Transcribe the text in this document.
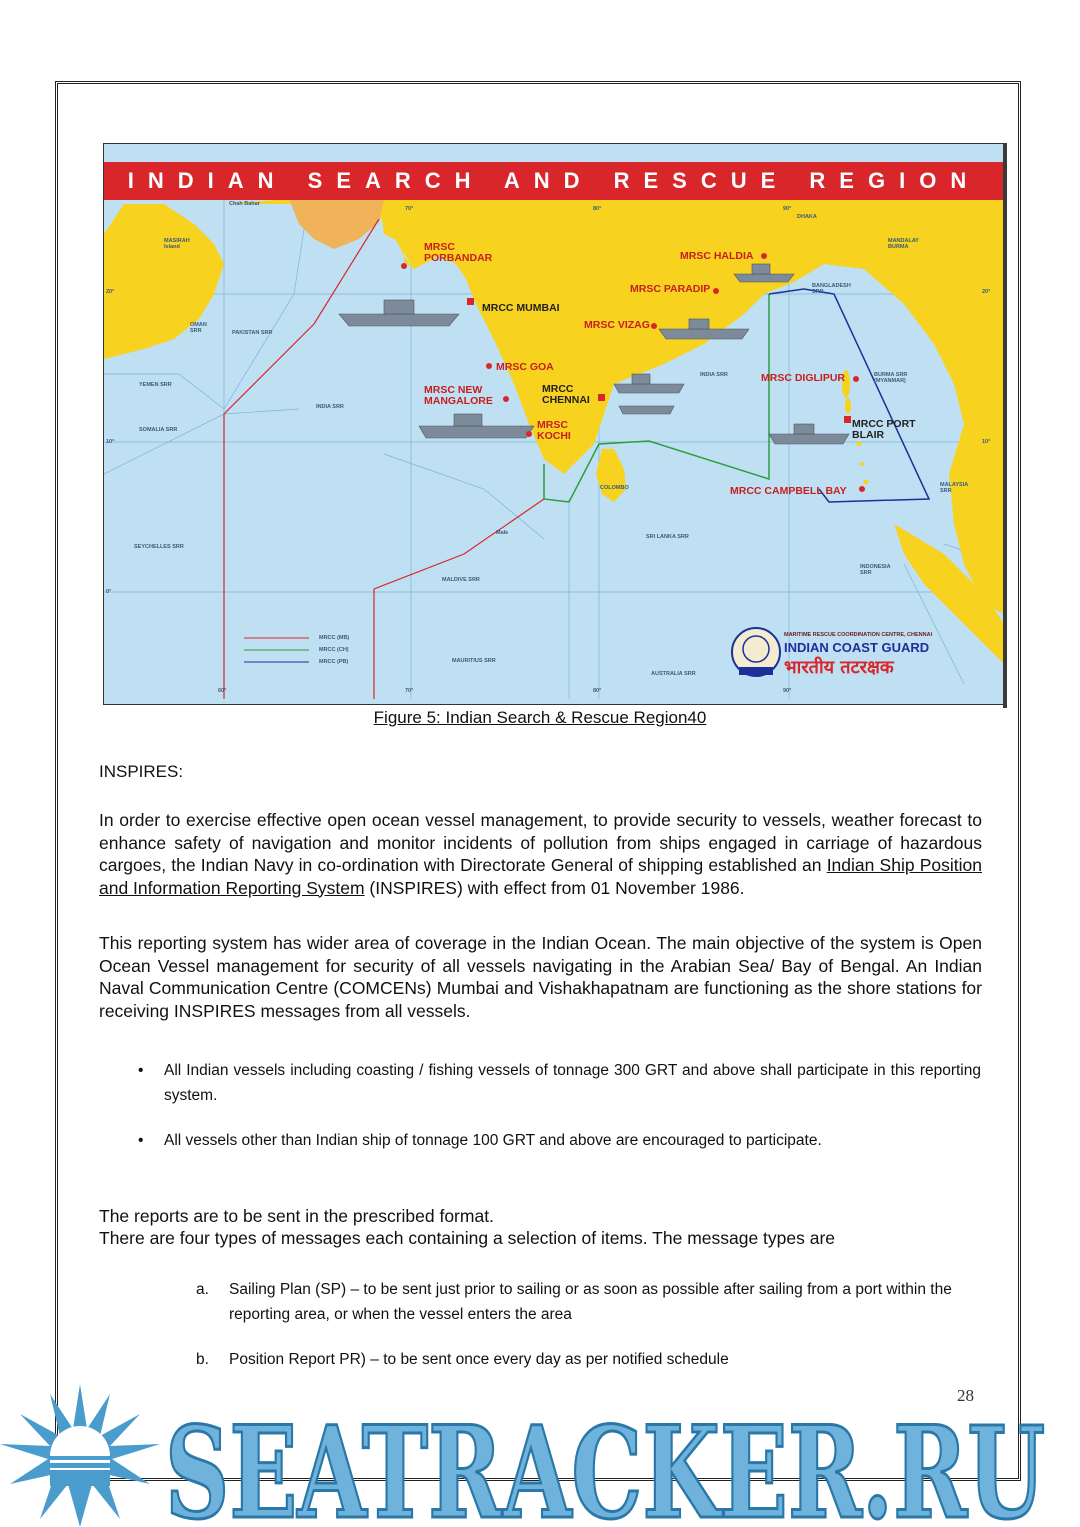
INDIAN SEARCH AND RESCUE REGION
MRSC
PORBANDAR
MRCC MUMBAI
MRSC GOA
MRSC NEW
MANGALORE
MRSC
KOCHI
MRCC
CHENNAI
MRSC HALDIA
MRSC PARADIP
MRSC VIZAG
MRSC DIGLIPUR
MRCC PORT
BLAIR
MRCC CAMPBELL BAY
PAKISTAN SRR
OMAN
SRR
YEMEN SRR
SOMALIA SRR
INDIA SRR
INDIA SRR
SEYCHELLES SRR
MALDIVE SRR
MAURITIUS SRR
SRI LANKA SRR
BANGLADESH
SRR
BURMA SRR
(MYANMAR)
MALAYSIA
SRR
INDONESIA
SRR
AUSTRALIA SRR
Chah Bahar
DHAKA
MANDALAY
BURMA
MASIRAH
Island
Male
COLOMBO
20°
10°
0°
20°
10°
70°	80°	90°
60°	70°	80°	90°
MRCC (MB)
MRCC (CH)
MRCC (PB)
MARITIME RESCUE COORDINATION CENTRE, CHENNAI
INDIAN COAST GUARD
भारतीय तटरक्षक
Figure 5: Indian Search & Rescue Region40
INSPIRES:
In order to exercise effective open ocean vessel management, to provide security to vessels, weather forecast to enhance safety of navigation and monitor incidents of pollution from ships engaged in carriage of hazardous cargoes, the Indian Navy in co-ordination with Directorate General of shipping established an Indian Ship Position and Information Reporting System (INSPIRES) with effect from 01 November 1986.
This reporting system has wider area of coverage in the Indian Ocean. The main objective of the system is Open Ocean Vessel management for security of all vessels navigating in the Arabian Sea/ Bay of Bengal. An Indian Naval Communication Centre (COMCENs) Mumbai and Vishakhapatnam are functioning as the shore stations for receiving INSPIRES messages from all vessels.
• All Indian vessels including coasting / fishing vessels of tonnage 300 GRT and above shall participate in this reporting system.
• All vessels other than Indian ship of tonnage 100 GRT and above are encouraged to participate.
The reports are to be sent in the prescribed format.
There are four types of messages each containing a selection of items. The message types are
a. Sailing Plan (SP) – to be sent just prior to sailing or as soon as possible after sailing from a port within the reporting area, or when the vessel enters the area
b. Position Report PR) – to be sent once every day as per notified schedule
SEATRACKER.RU
28
